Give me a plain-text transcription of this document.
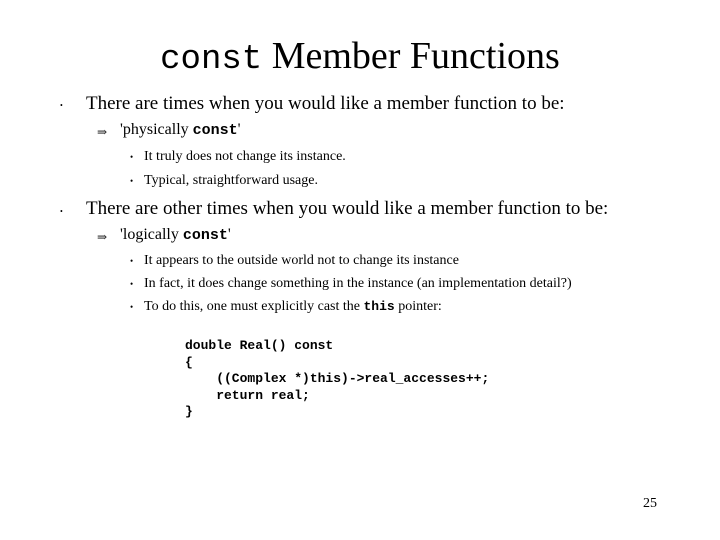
const Member Functions
• There are times when you would like a member function to be:
⇒ 'physically const'
• It truly does not change its instance.
• Typical, straightforward usage.
• There are other times when you would like a member function to be:
⇒ 'logically const'
• It appears to the outside world not to change its instance
• In fact, it does change something in the instance (an implementation detail?)
• To do this, one must explicitly cast the this pointer:
double Real() const
{
((Complex *)this)->real_accesses++;
return real;
}
25
